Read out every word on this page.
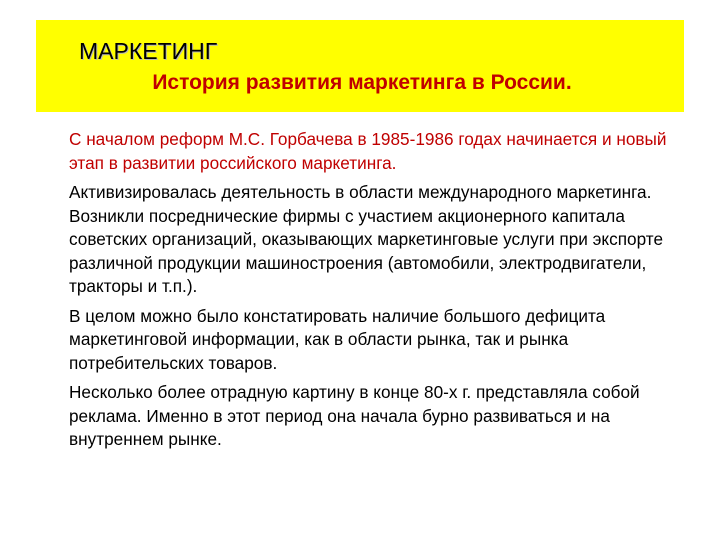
МАРКЕТИНГ
История развития маркетинга в России.

С началом реформ М.С. Горбачева в 1985-1986 годах начинается и новый этап в развитии российского маркетинга.

Активизировалась деятельность в области международного маркетинга. Возникли посреднические фирмы с участием акционерного капитала советских организаций, оказывающих маркетинговые услуги при экспорте различной продукции машиностроения (автомобили, электродвигатели, тракторы и т.п.).

В целом можно было констатировать наличие большого дефицита маркетинговой информации, как в области рынка, так и рынка потребительских товаров.

Несколько более отрадную картину в конце 80-х г. представляла собой реклама. Именно в этот период она начала бурно развиваться и на внутреннем рынке.
